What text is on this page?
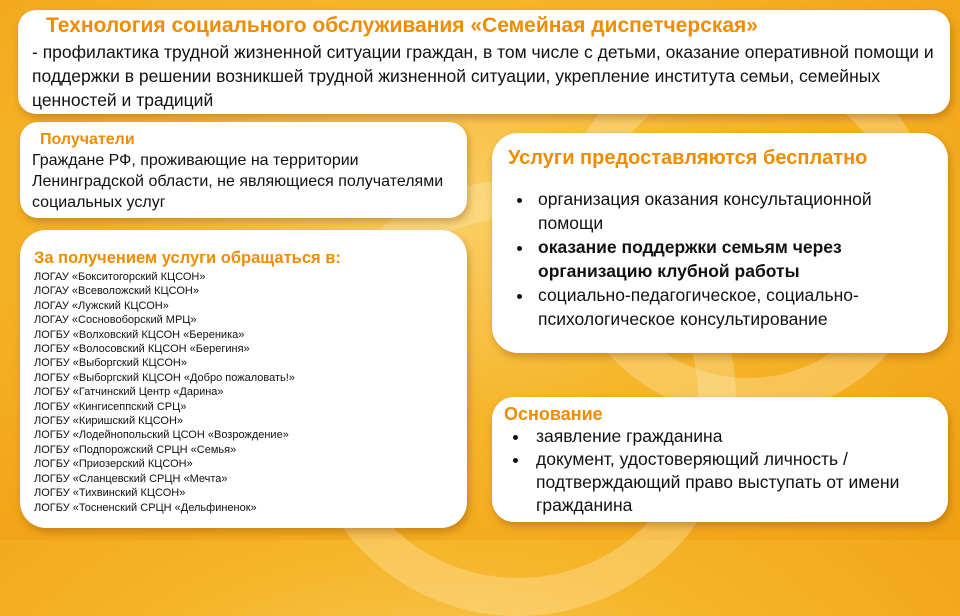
Технология социального обслуживания «Семейная диспетчерская»

- профилактика трудной жизненной ситуации граждан, в том числе с детьми, оказание оперативной помощи и поддержки в решении возникшей трудной жизненной ситуации, укрепление института семьи, семейных ценностей и традиций

Получатели

Граждане РФ, проживающие на территории Ленинградской области, не являющиеся получателями социальных услуг

За получением услуги обращаться в:
ЛОГАУ «Бокситогорский КЦСОН»
ЛОГАУ «Всеволожский КЦСОН»
ЛОГАУ «Лужский КЦСОН»
ЛОГАУ «Сосновоборский МРЦ»
ЛОГБУ «Волховский КЦСОН «Береника»
ЛОГБУ «Волосовский КЦСОН «Берегиня»
ЛОГБУ «Выборгский КЦСОН»
ЛОГБУ «Выборгский КЦСОН «Добро пожаловать!»
ЛОГБУ «Гатчинский Центр «Дарина»
ЛОГБУ «Кингисеппский СРЦ»
ЛОГБУ «Киришский КЦСОН»
ЛОГБУ «Лодейнопольский ЦСОН «Возрождение»
ЛОГБУ «Подпорожский СРЦН «Семья»
ЛОГБУ «Приозерский КЦСОН»
ЛОГБУ «Сланцевский СРЦН «Мечта»
ЛОГБУ «Тихвинский КЦСОН»
ЛОГБУ «Тосненский СРЦН «Дельфиненок»
Услуги предоставляются бесплатно
• организация оказания консультационной помощи
• оказание поддержки семьям через организацию клубной работы
• социально-педагогическое, социально-психологическое консультирование
Основание
• заявление гражданина
• документ, удостоверяющий личность / подтверждающий право выступать от имени гражданина
